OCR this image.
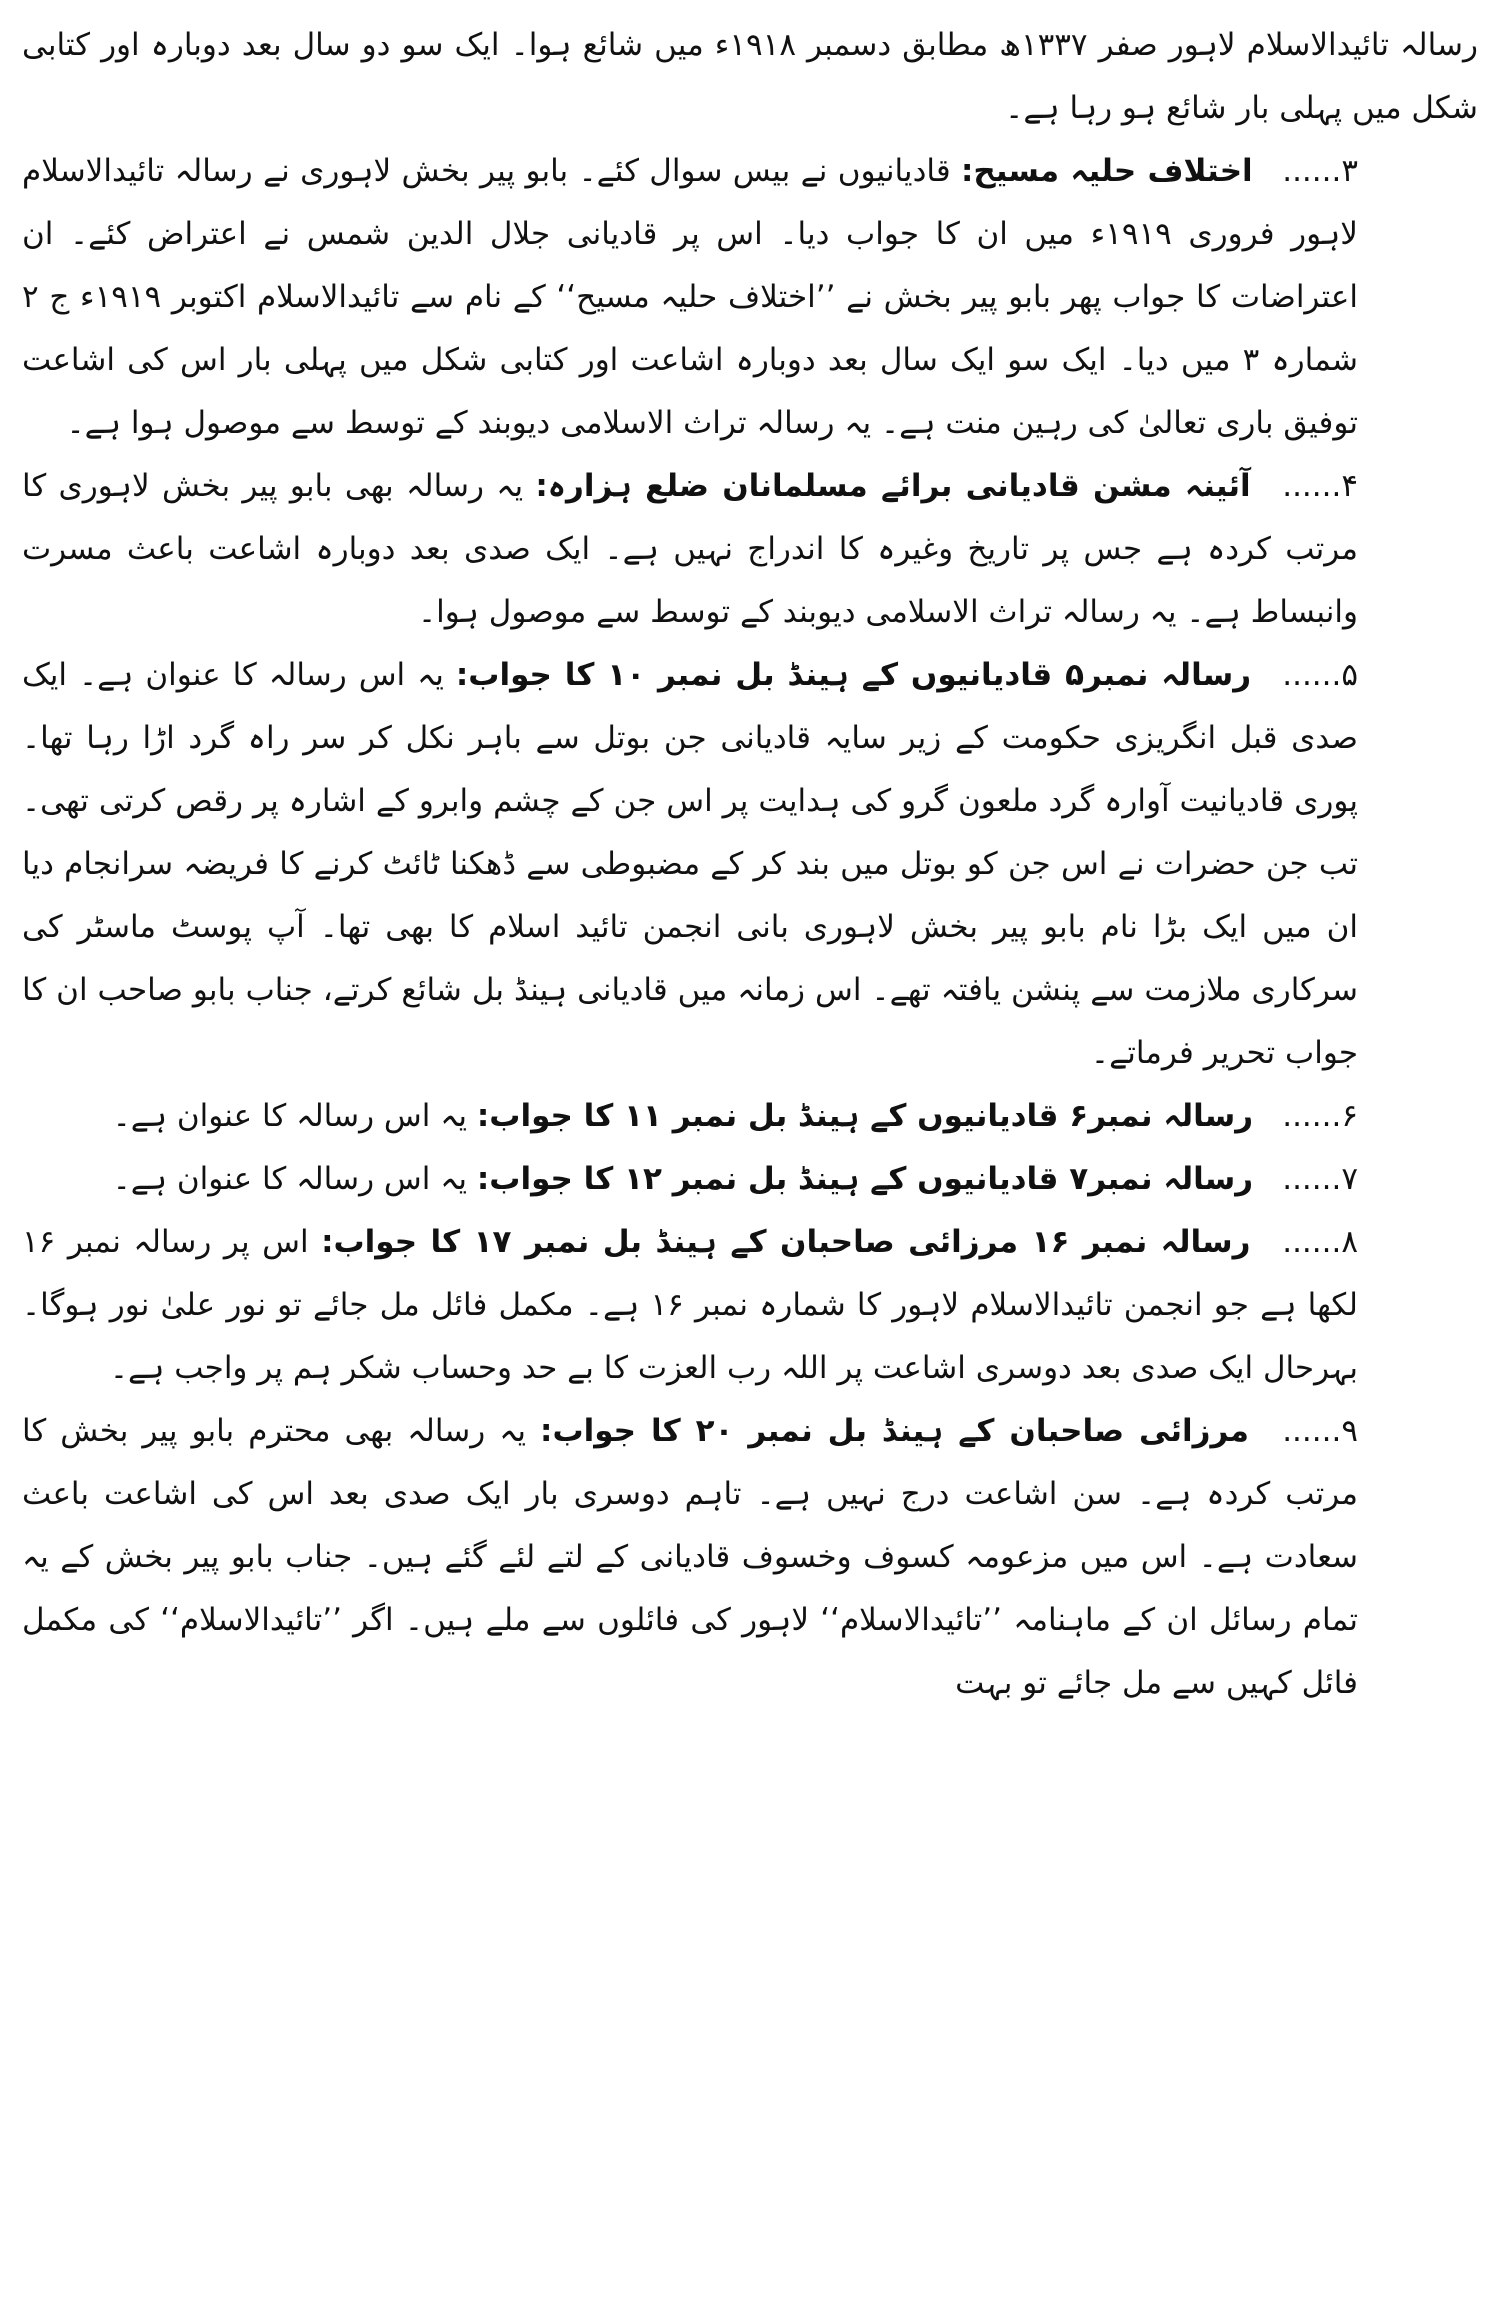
رسالہ تائیدالاسلام لاہور صفر ۱۳۳۷ھ مطابق دسمبر ۱۹۱۸ء میں شائع ہوا۔ ایک سو دو سال بعد دوبارہ اور کتابی شکل میں پہلی بار شائع ہو رہا ہے۔

۳...... اختلاف حلیہ مسیح: قادیانیوں نے بیس سوال کئے۔ بابو پیر بخش لاہوری نے رسالہ تائیدالاسلام لاہور فروری ۱۹۱۹ء میں ان کا جواب دیا۔ اس پر قادیانی جلال الدین شمس نے اعتراض کئے۔ ان اعتراضات کا جواب پھر بابو پیر بخش نے ’’اختلاف حلیہ مسیح‘‘ کے نام سے تائیدالاسلام اکتوبر ۱۹۱۹ء ج ۲ شمارہ ۳ میں دیا۔ ایک سو ایک سال بعد دوبارہ اشاعت اور کتابی شکل میں پہلی بار اس کی اشاعت توفیق باری تعالیٰ کی رہین منت ہے۔ یہ رسالہ تراث الاسلامی دیوبند کے توسط سے موصول ہوا ہے۔

۴...... آئینہ مشن قادیانی برائے مسلمانان ضلع ہزارہ: یہ رسالہ بھی بابو پیر بخش لاہوری کا مرتب کردہ ہے جس پر تاریخ وغیرہ کا اندراج نہیں ہے۔ ایک صدی بعد دوبارہ اشاعت باعث مسرت وانبساط ہے۔ یہ رسالہ تراث الاسلامی دیوبند کے توسط سے موصول ہوا۔

۵...... رسالہ نمبر۵ قادیانیوں کے ہینڈ بل نمبر ۱۰ کا جواب: یہ اس رسالہ کا عنوان ہے۔ ایک صدی قبل انگریزی حکومت کے زیر سایہ قادیانی جن بوتل سے باہر نکل کر سر راہ گرد اڑا رہا تھا۔ پوری قادیانیت آوارہ گرد ملعون گرو کی ہدایت پر اس جن کے چشم وابرو کے اشارہ پر رقص کرتی تھی۔ تب جن حضرات نے اس جن کو بوتل میں بند کر کے مضبوطی سے ڈھکنا ٹائٹ کرنے کا فریضہ سرانجام دیا ان میں ایک بڑا نام بابو پیر بخش لاہوری بانی انجمن تائید اسلام کا بھی تھا۔ آپ پوسٹ ماسٹر کی سرکاری ملازمت سے پنشن یافتہ تھے۔ اس زمانہ میں قادیانی ہینڈ بل شائع کرتے، جناب بابو صاحب ان کا جواب تحریر فرماتے۔

۶...... رسالہ نمبر۶ قادیانیوں کے ہینڈ بل نمبر ۱۱ کا جواب: یہ اس رسالہ کا عنوان ہے۔

۷...... رسالہ نمبر۷ قادیانیوں کے ہینڈ بل نمبر ۱۲ کا جواب: یہ اس رسالہ کا عنوان ہے۔

۸...... رسالہ نمبر ۱۶ مرزائی صاحبان کے ہینڈ بل نمبر ۱۷ کا جواب: اس پر رسالہ نمبر ۱۶ لکھا ہے جو انجمن تائیدالاسلام لاہور کا شمارہ نمبر ۱۶ ہے۔ مکمل فائل مل جائے تو نور علیٰ نور ہوگا۔ بہرحال ایک صدی بعد دوسری اشاعت پر اللہ رب العزت کا بے حد وحساب شکر ہم پر واجب ہے۔

۹...... مرزائی صاحبان کے ہینڈ بل نمبر ۲۰ کا جواب: یہ رسالہ بھی محترم بابو پیر بخش کا مرتب کردہ ہے۔ سن اشاعت درج نہیں ہے۔ تاہم دوسری بار ایک صدی بعد اس کی اشاعت باعث سعادت ہے۔ اس میں مزعومہ کسوف وخسوف قادیانی کے لتے لئے گئے ہیں۔ جناب بابو پیر بخش کے یہ تمام رسائل ان کے ماہنامہ ’’تائیدالاسلام‘‘ لاہور کی فائلوں سے ملے ہیں۔ اگر ’’تائیدالاسلام‘‘ کی مکمل فائل کہیں سے مل جائے تو بہت
